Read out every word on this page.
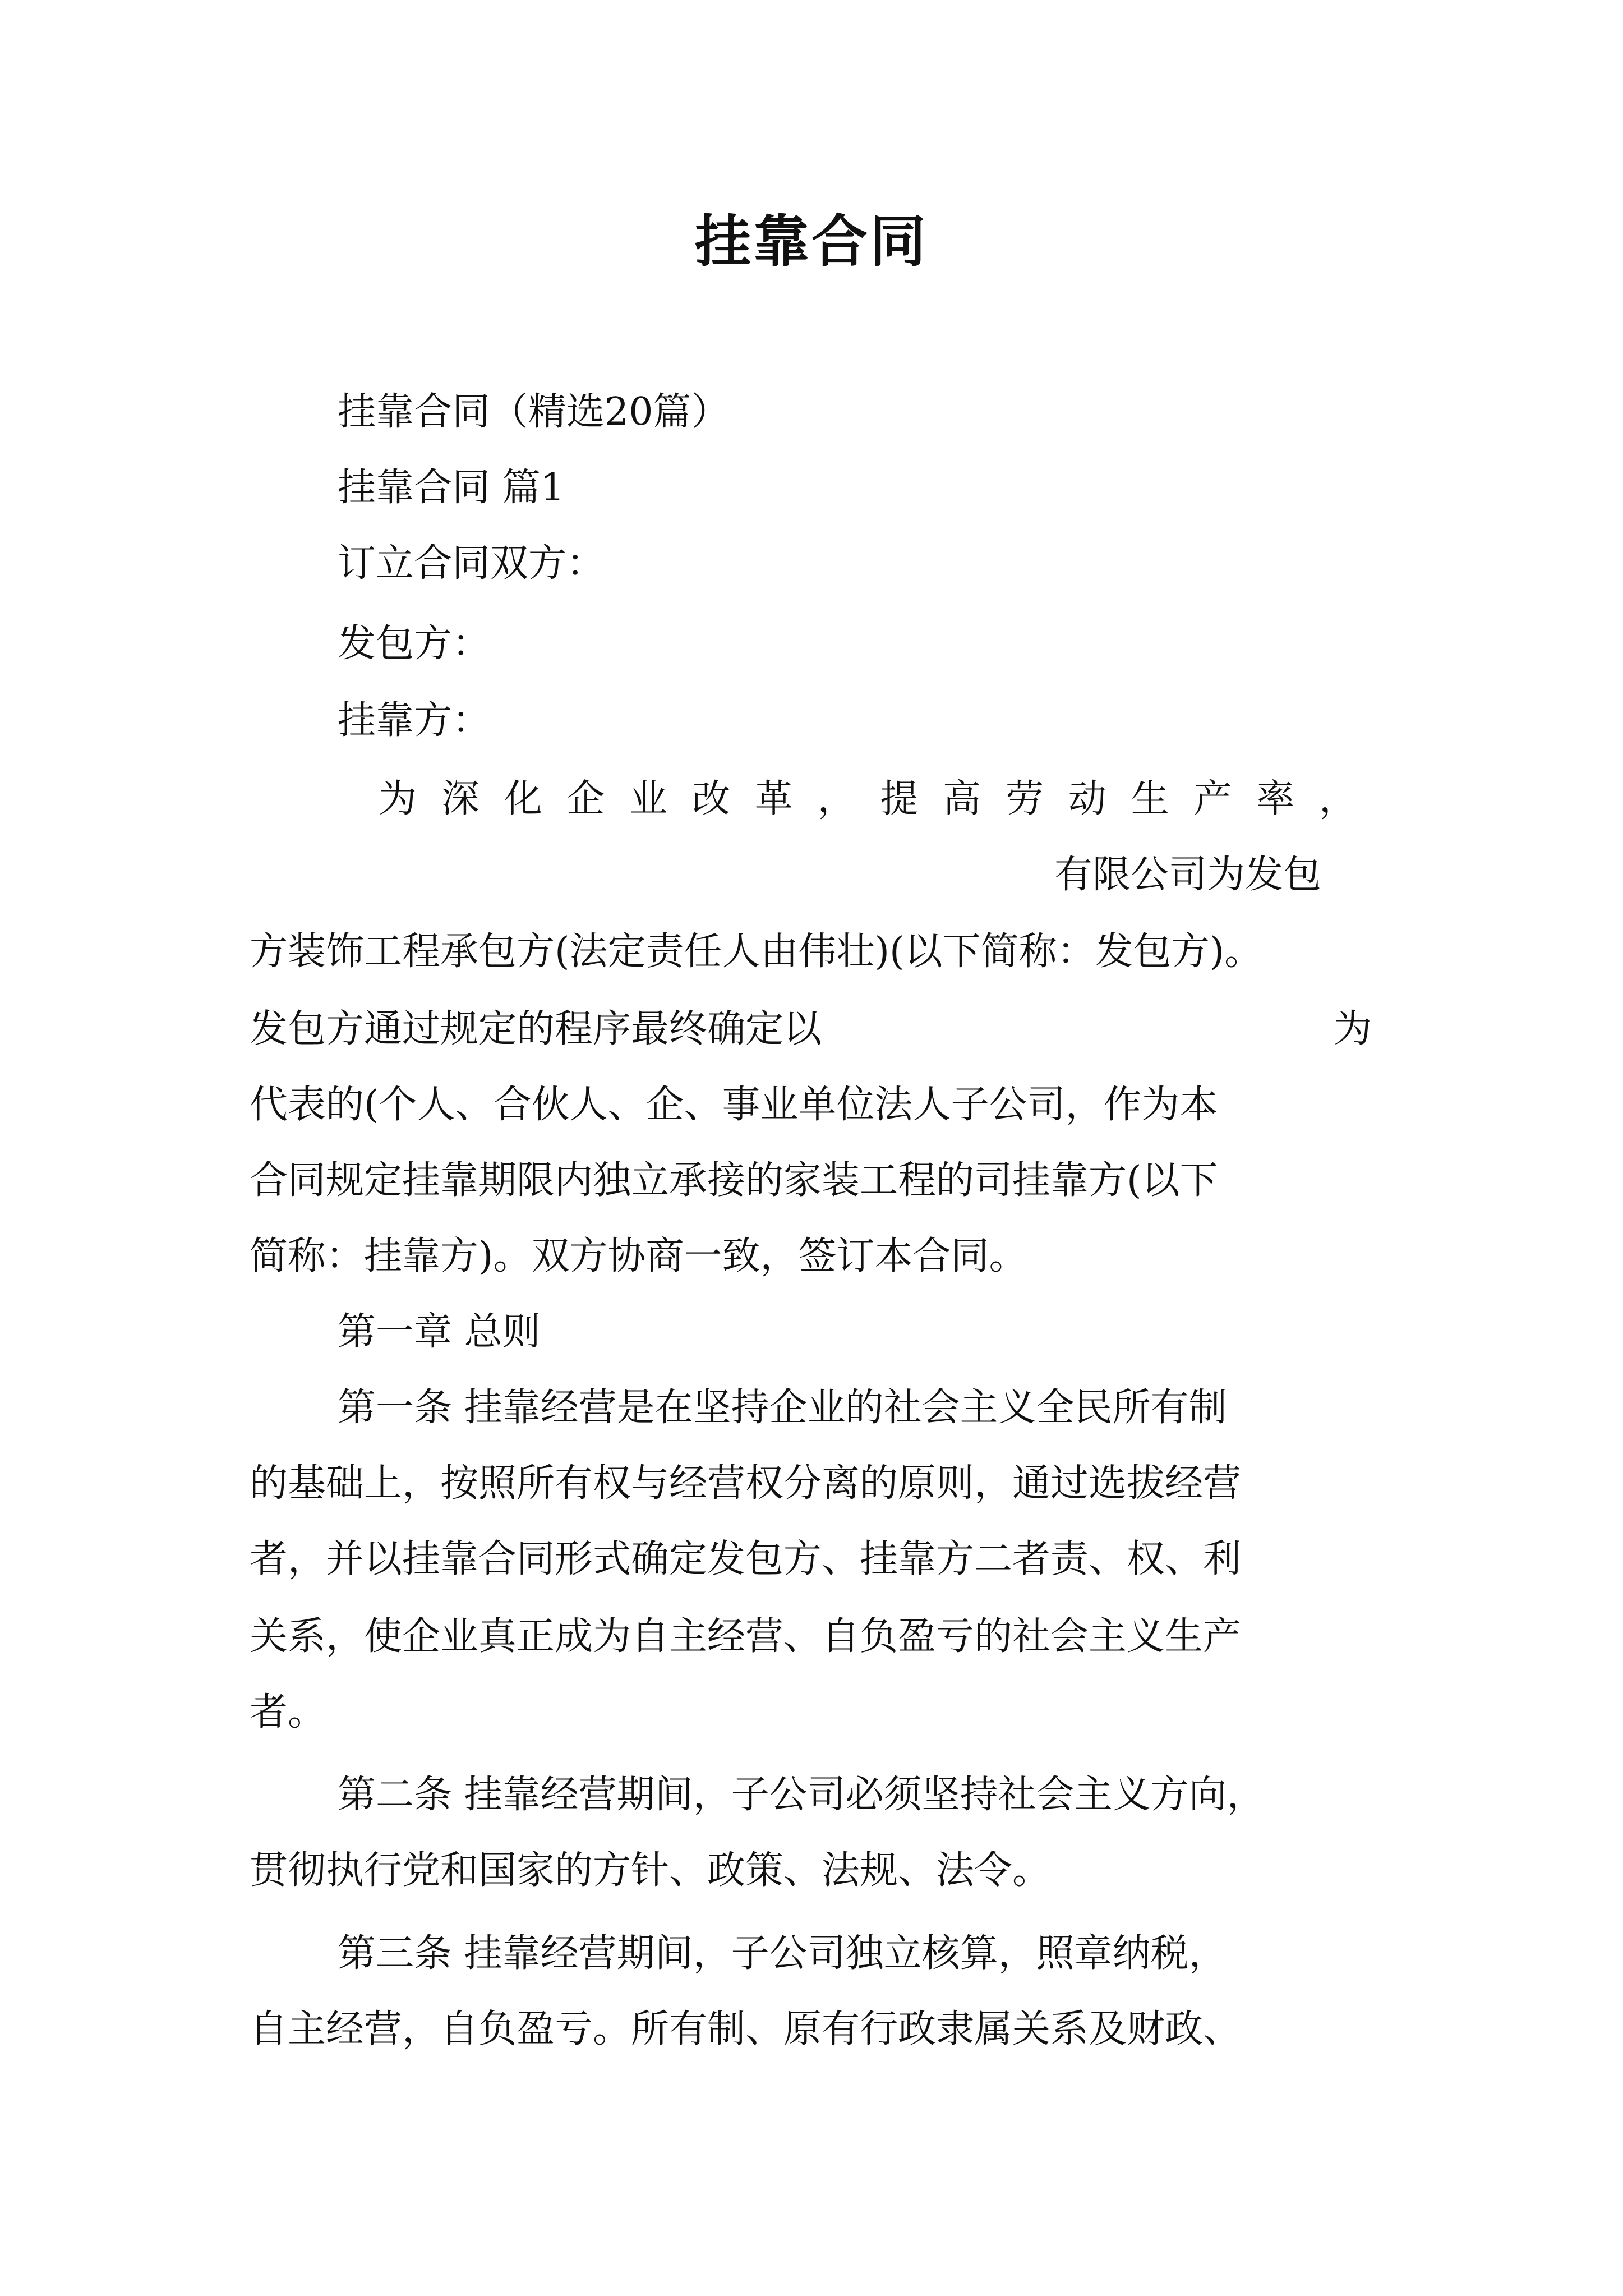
挂靠合同
挂靠合同（精选20篇）
挂靠合同 篇1
订立合同双方：
发包方：
挂靠方：
为 深 化 企 业 改 革 ， 提 高 劳 动 生 产 率 ，
有限公司为发包
方装饰工程承包方(法定责任人由伟壮)(以下简称：发包方)。
发包方通过规定的程序最终确定以	为
代表的(个人、合伙人、企、事业单位法人子公司，作为本
合同规定挂靠期限内独立承接的家装工程的司挂靠方(以下
简称：挂靠方)。双方协商一致，签订本合同。
第一章 总则
第一条 挂靠经营是在坚持企业的社会主义全民所有制
的基础上，按照所有权与经营权分离的原则，通过选拔经营
者，并以挂靠合同形式确定发包方、挂靠方二者责、权、利
关系，使企业真正成为自主经营、自负盈亏的社会主义生产
者。
第二条 挂靠经营期间，子公司必须坚持社会主义方向，
贯彻执行党和国家的方针、政策、法规、法令。
第三条 挂靠经营期间，子公司独立核算，照章纳税，
自主经营，自负盈亏。所有制、原有行政隶属关系及财政、
